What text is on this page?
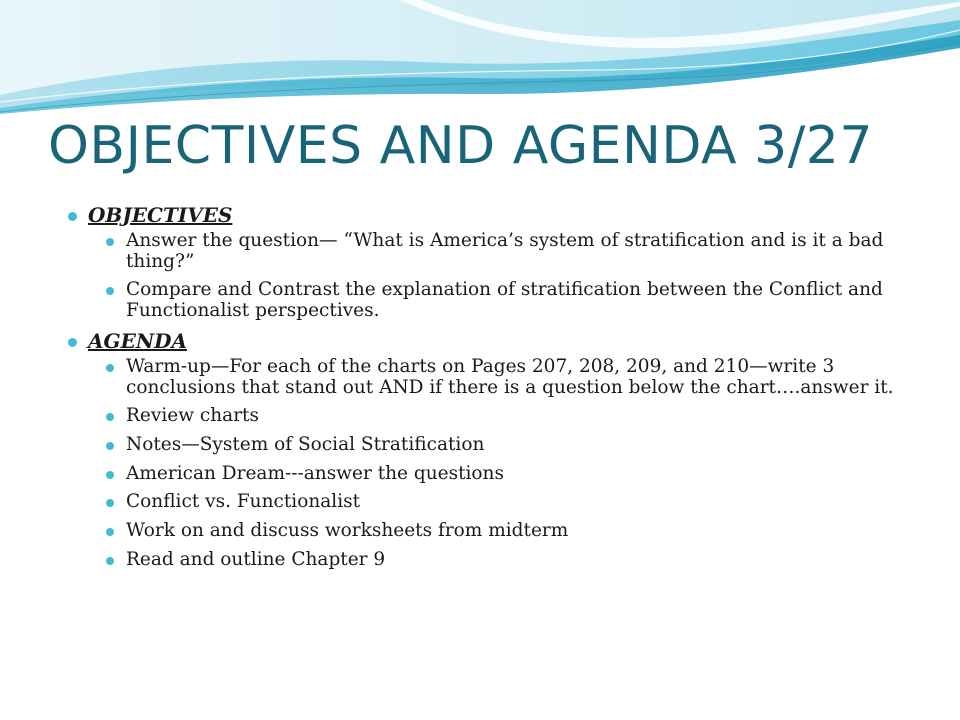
OBJECTIVES AND AGENDA 3/27
OBJECTIVES
Answer the question— “What is America’s system of stratification and is it a bad thing?”
Compare and Contrast the explanation of stratification between the Conflict and Functionalist perspectives.
AGENDA
Warm-up—For each of the charts on Pages 207, 208, 209, and 210—write 3 conclusions that stand out AND if there is a question below the chart….answer it.
Review charts
Notes—System of Social Stratification
American Dream---answer the questions
Conflict vs. Functionalist
Work on and discuss worksheets from midterm
Read and outline Chapter 9
